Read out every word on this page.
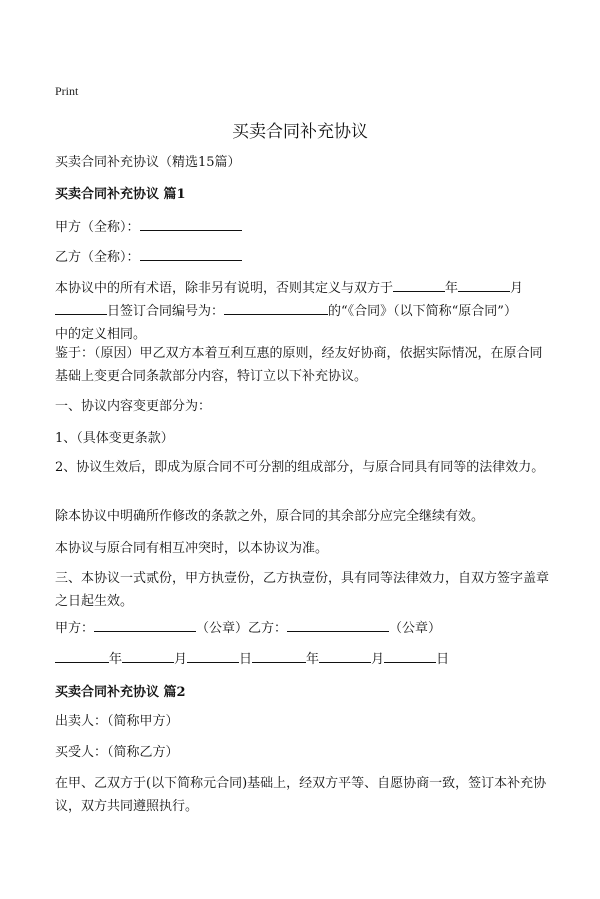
Print
买卖合同补充协议

买卖合同补充协议（精选15篇）

买卖合同补充协议 篇1

甲方（全称）：

乙方（全称）：

本协议中的所有术语，除非另有说明，否则其定义与双方于	年	月
日签订合同编号为：	的“《合同》（以下简称“原合同”）
中的定义相同。

鉴于：（原因）甲乙双方本着互利互惠的原则，经友好协商，依据实际情况，在原合同基础上变更合同条款部分内容，特订立以下补充协议。

一、协议内容变更部分为：

1、（具体变更条款）

2、协议生效后，即成为原合同不可分割的组成部分，与原合同具有同等的法律效力。

除本协议中明确所作修改的条款之外，原合同的其余部分应完全继续有效。

本协议与原合同有相互冲突时，以本协议为准。

三、本协议一式贰份，甲方执壹份，乙方执壹份，具有同等法律效力，自双方签字盖章之日起生效。

甲方：	（公章）乙方：	（公章）

年	月	日	年	月	日

买卖合同补充协议 篇2

出卖人：（简称甲方）

买受人：（简称乙方）

在甲、乙双方于(以下简称元合同)基础上，经双方平等、自愿协商一致，签订本补充协议，双方共同遵照执行。
